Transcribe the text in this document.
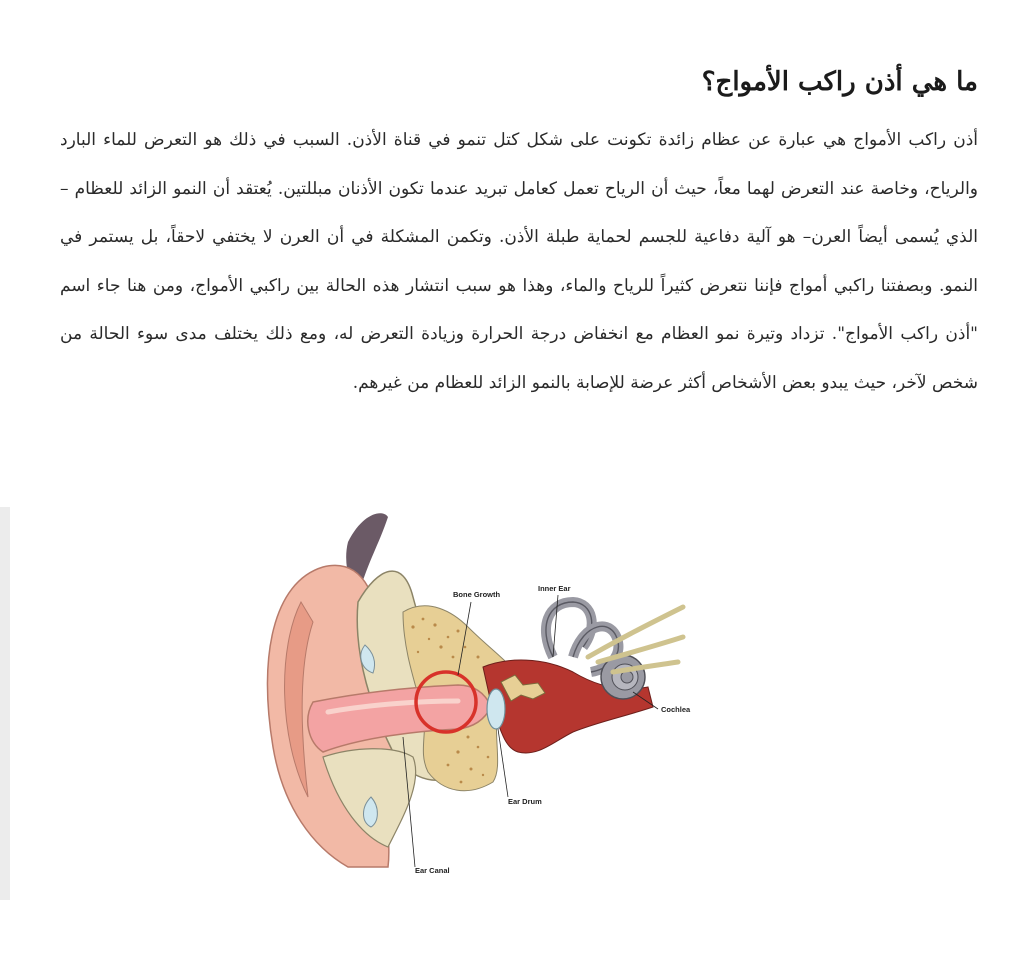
ما هي أذن راكب الأمواج؟

أذن راكب الأمواج هي عبارة عن عظام زائدة تكونت على شكل كتل تنمو في قناة الأذن. السبب في ذلك هو التعرض للماء البارد والرياح، وخاصة عند التعرض لهما معاً، حيث أن الرياح تعمل كعامل تبريد عندما تكون الأذنان مبللتين. يُعتقد أن النمو الزائد للعظام –الذي يُسمى أيضاً العرن– هو آلية دفاعية للجسم لحماية طبلة الأذن. وتكمن المشكلة في أن العرن لا يختفي لاحقاً، بل يستمر في النمو. وبصفتنا راكبي أمواج فإننا نتعرض كثيراً للرياح والماء، وهذا هو سبب انتشار هذه الحالة بين راكبي الأمواج، ومن هنا جاء اسم "أذن راكب الأمواج". تزداد وتيرة نمو العظام مع انخفاض درجة الحرارة وزيادة التعرض له، ومع ذلك يختلف مدى سوء الحالة من شخص لآخر، حيث يبدو بعض الأشخاص أكثر عرضة للإصابة بالنمو الزائد للعظام من غيرهم.

Bone Growth
Inner Ear
Cochlea
Ear Drum
Ear Canal
